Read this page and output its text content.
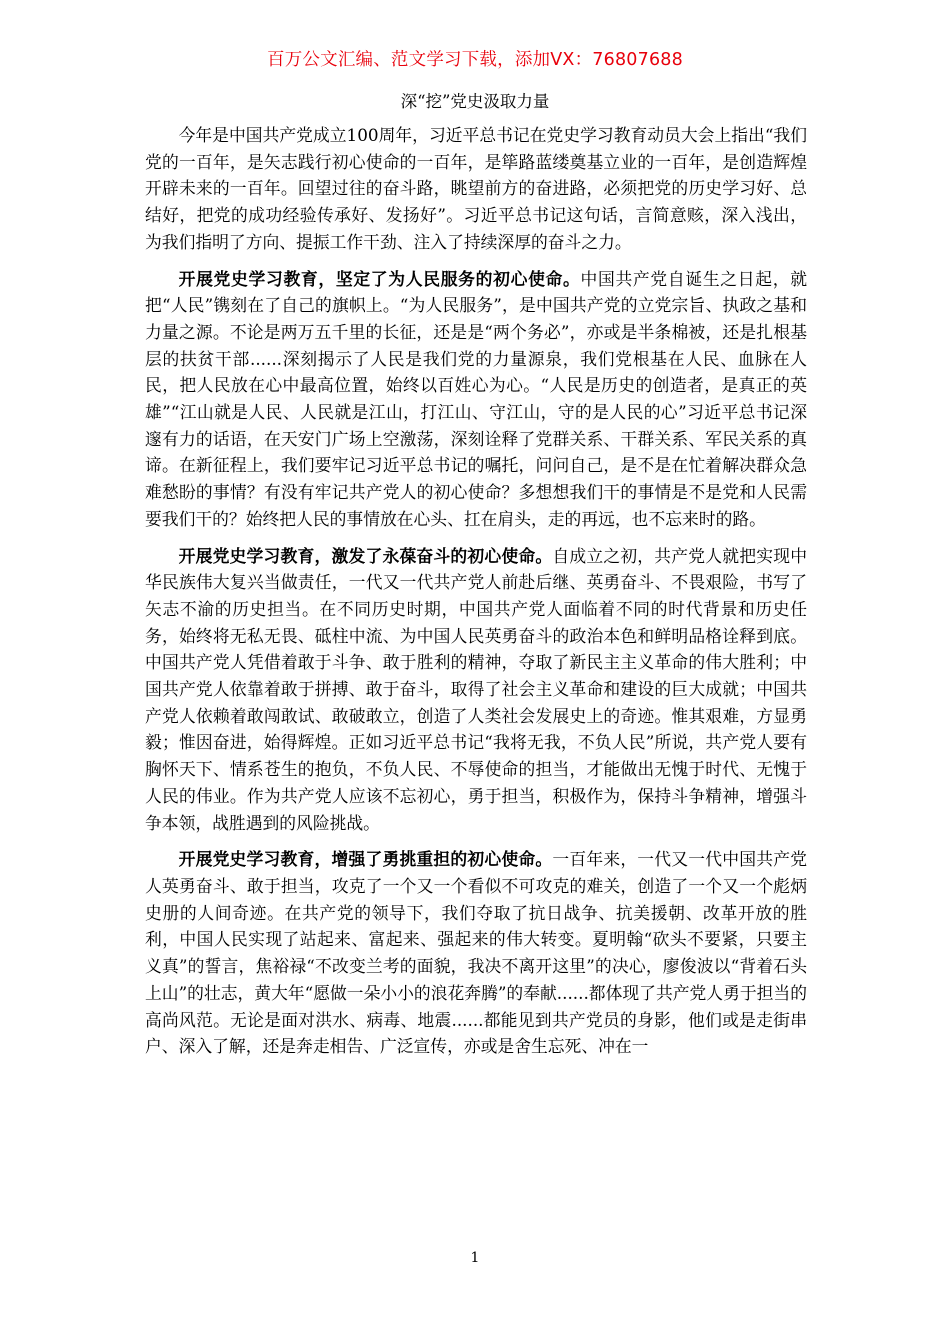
百万公文汇编、范文学习下载，添加VX：76807688
深“挖”党史汲取力量

今年是中国共产党成立100周年，习近平总书记在党史学习教育动员大会上指出“我们党的一百年，是矢志践行初心使命的一百年，是筚路蓝缕奠基立业的一百年，是创造辉煌开辟未来的一百年。回望过往的奋斗路，眺望前方的奋进路，必须把党的历史学习好、总结好，把党的成功经验传承好、发扬好”。习近平总书记这句话，言简意赅，深入浅出，为我们指明了方向、提振工作干劲、注入了持续深厚的奋斗之力。

开展党史学习教育，坚定了为人民服务的初心使命。中国共产党自诞生之日起，就把“人民”镌刻在了自己的旗帜上。“为人民服务”，是中国共产党的立党宗旨、执政之基和力量之源。不论是两万五千里的长征，还是是“两个务必”，亦或是半条棉被，还是扎根基层的扶贫干部......深刻揭示了人民是我们党的力量源泉，我们党根基在人民、血脉在人民，把人民放在心中最高位置，始终以百姓心为心。“人民是历史的创造者，是真正的英雄”“江山就是人民、人民就是江山，打江山、守江山，守的是人民的心”习近平总书记深邃有力的话语，在天安门广场上空激荡，深刻诠释了党群关系、干群关系、军民关系的真谛。在新征程上，我们要牢记习近平总书记的嘱托，问问自己，是不是在忙着解决群众急难愁盼的事情？有没有牢记共产党人的初心使命？多想想我们干的事情是不是党和人民需要我们干的？始终把人民的事情放在心头、扛在肩头，走的再远，也不忘来时的路。

开展党史学习教育，激发了永葆奋斗的初心使命。自成立之初，共产党人就把实现中华民族伟大复兴当做责任，一代又一代共产党人前赴后继、英勇奋斗、不畏艰险，书写了矢志不渝的历史担当。在不同历史时期，中国共产党人面临着不同的时代背景和历史任务，始终将无私无畏、砥柱中流、为中国人民英勇奋斗的政治本色和鲜明品格诠释到底。中国共产党人凭借着敢于斗争、敢于胜利的精神，夺取了新民主主义革命的伟大胜利；中国共产党人依靠着敢于拼搏、敢于奋斗，取得了社会主义革命和建设的巨大成就；中国共产党人依赖着敢闯敢试、敢破敢立，创造了人类社会发展史上的奇迹。惟其艰难，方显勇毅；惟因奋进，始得辉煌。正如习近平总书记“我将无我，不负人民”所说，共产党人要有胸怀天下、情系苍生的抱负，不负人民、不辱使命的担当，才能做出无愧于时代、无愧于人民的伟业。作为共产党人应该不忘初心，勇于担当，积极作为，保持斗争精神，增强斗争本领，战胜遇到的风险挑战。

开展党史学习教育，增强了勇挑重担的初心使命。一百年来，一代又一代中国共产党人英勇奋斗、敢于担当，攻克了一个又一个看似不可攻克的难关，创造了一个又一个彪炳史册的人间奇迹。在共产党的领导下，我们夺取了抗日战争、抗美援朝、改革开放的胜利，中国人民实现了站起来、富起来、强起来的伟大转变。夏明翰“砍头不要紧，只要主义真”的誓言，焦裕禄“不改变兰考的面貌，我决不离开这里”的决心，廖俊波以“背着石头上山”的壮志，黄大年“愿做一朵小小的浪花奔腾”的奉献......都体现了共产党人勇于担当的高尚风范。无论是面对洪水、病毒、地震......都能见到共产党员的身影，他们或是走街串户、深入了解，还是奔走相告、广泛宣传，亦或是舍生忘死、冲在一

1
